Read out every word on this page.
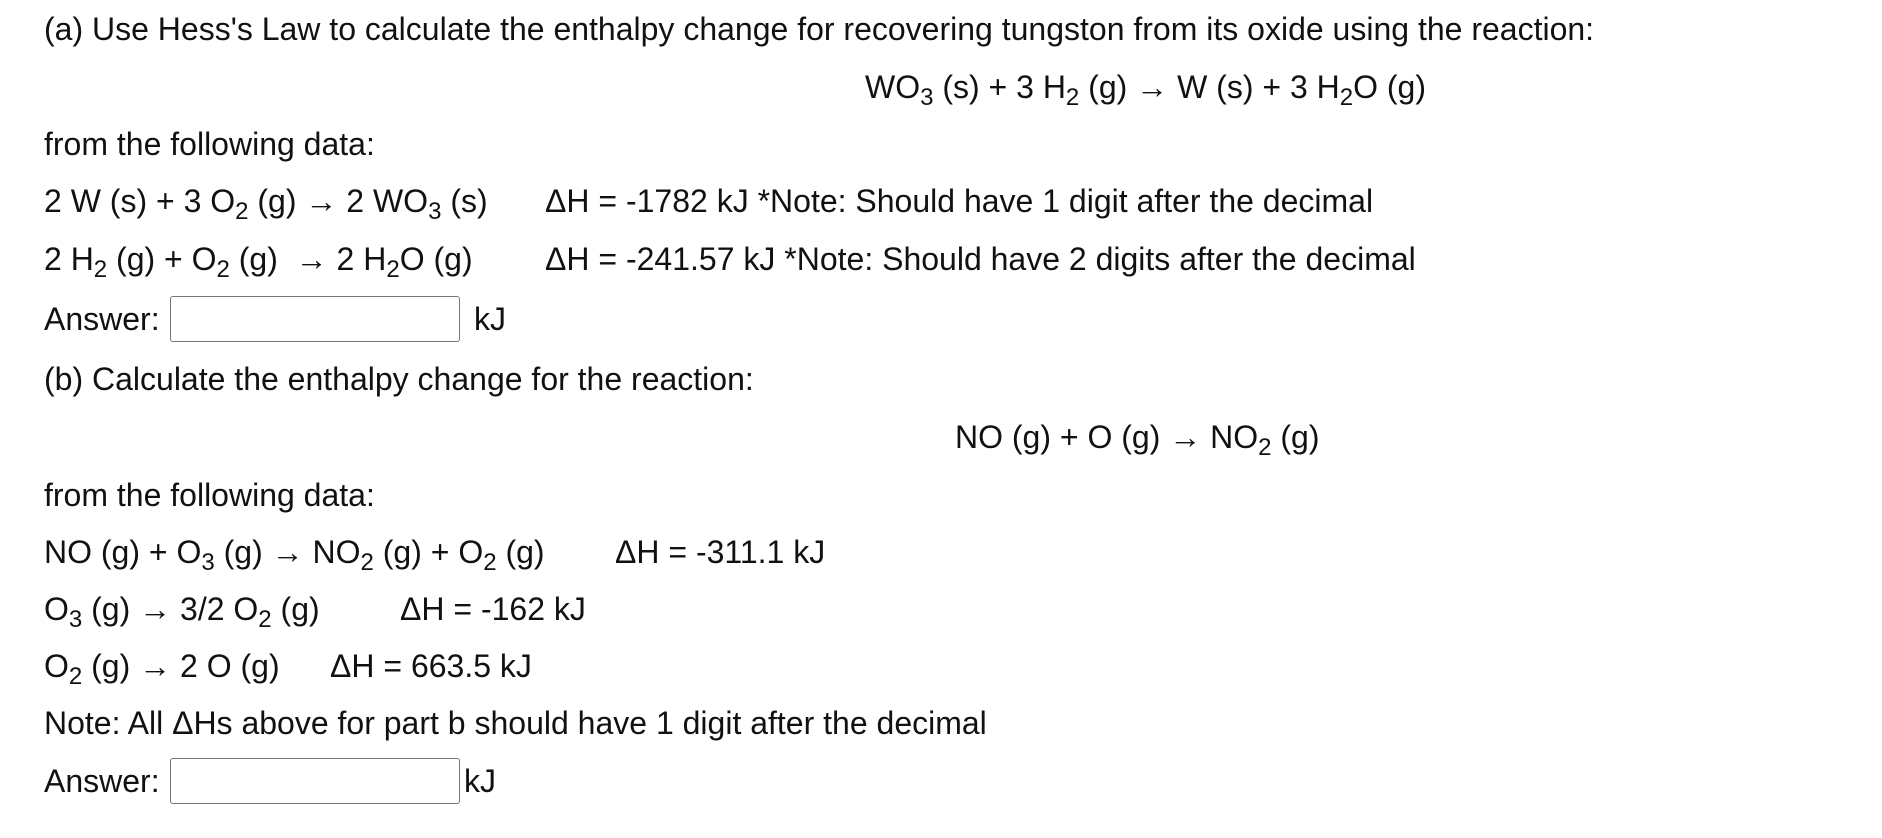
(a) Use Hess's Law to calculate the enthalpy change for recovering tungston from its oxide using the reaction:
$WO_3$ (s) + 3 $H_2$ (g) → W (s) + 3 $H_2O$ (g)
from the following data:
2 W (s) + 3 $O_2$ (g) → 2 $WO_3$ (s) ΔH = -1782 kJ *Note: Should have 1 digit after the decimal
2 $H_2$ $(g) + O_2$ (g)  → 2 $H_2O$ (g) ΔH = -241.57 kJ *Note: Should have 2 digits after the decimal
Answer:	kJ
(b) Calculate the enthalpy change for the reaction:
NO (g) + O $(g) \to NO_2$ (g)
from the following data:
NO $(g) + O_3$ $(g) \to NO_2$ $(g) + O_2$ (g) ΔH = -311.1 kJ
$O_3$ (g) → 3/2 $O_2$ (g)	ΔH = -162 kJ
$O_2$ (g) → 2 O (g) ΔH = 663.5 kJ
Note: All ΔHs above for part b should have 1 digit after the decimal
Answer:	kJ
